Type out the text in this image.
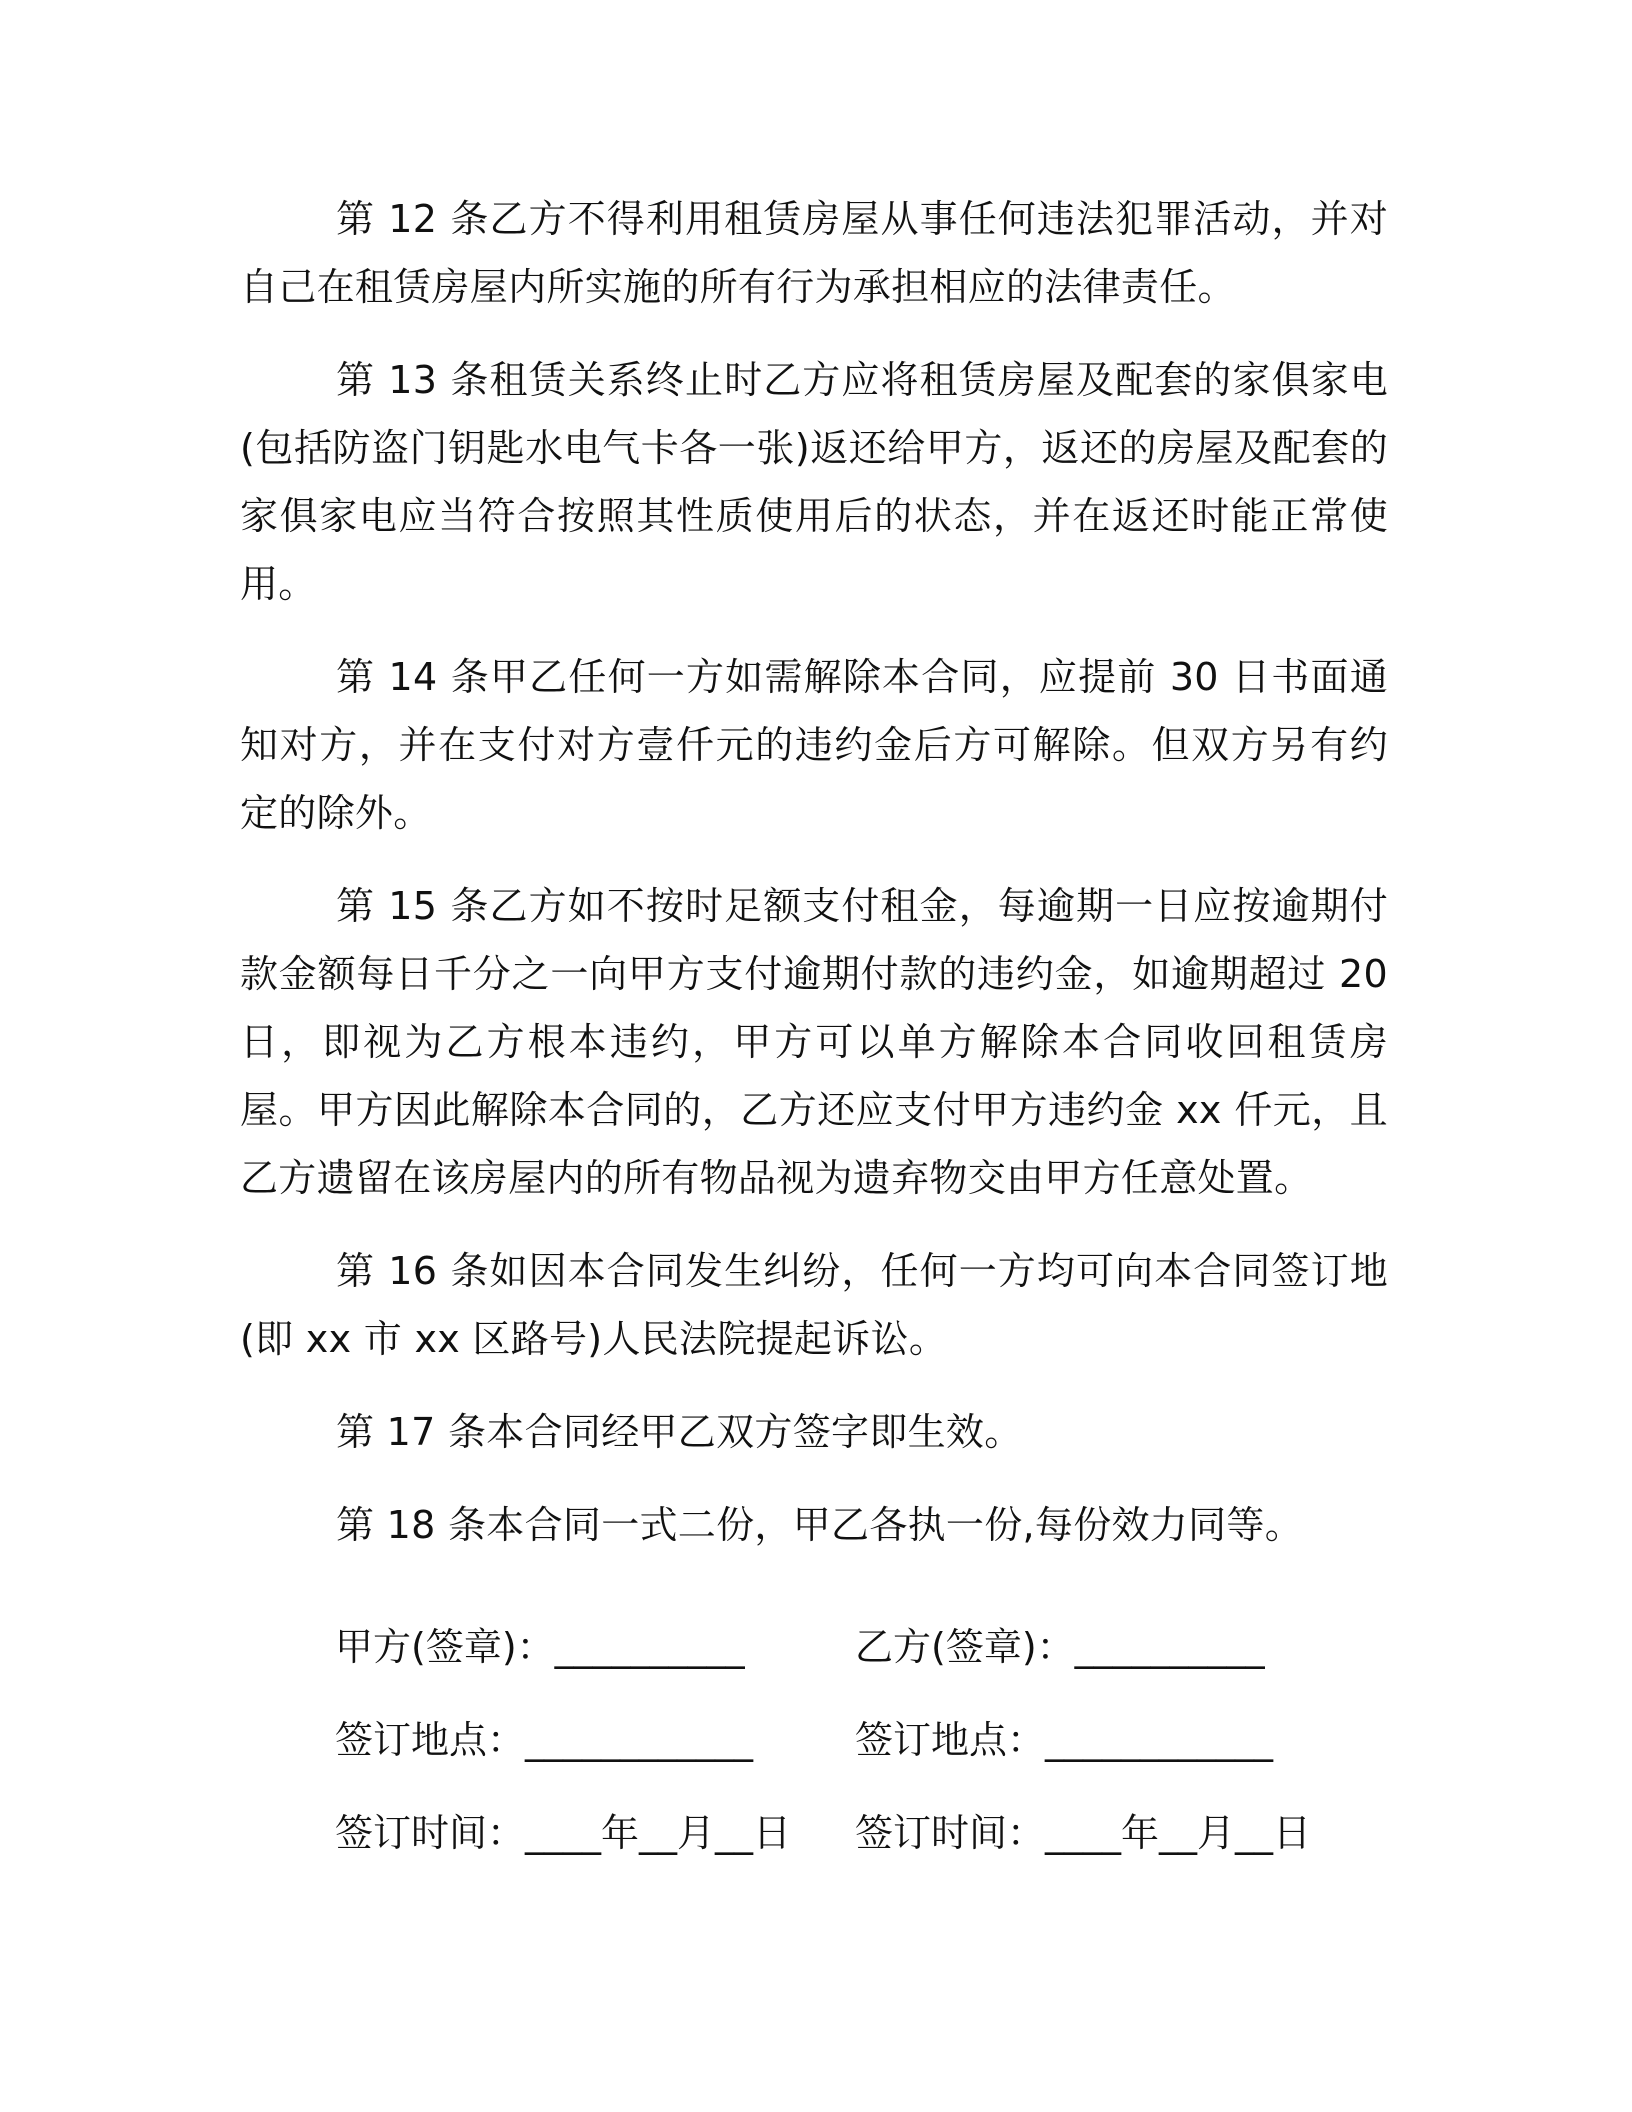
第 12 条乙方不得利用租赁房屋从事任何违法犯罪活动，并对自己在租赁房屋内所实施的所有行为承担相应的法律责任。

第 13 条租赁关系终止时乙方应将租赁房屋及配套的家俱家电(包括防盗门钥匙水电气卡各一张)返还给甲方，返还的房屋及配套的家俱家电应当符合按照其性质使用后的状态，并在返还时能正常使用。

第 14 条甲乙任何一方如需解除本合同，应提前 30 日书面通知对方，并在支付对方壹仟元的违约金后方可解除。但双方另有约定的除外。

第 15 条乙方如不按时足额支付租金，每逾期一日应按逾期付款金额每日千分之一向甲方支付逾期付款的违约金，如逾期超过 20 日，即视为乙方根本违约，甲方可以单方解除本合同收回租赁房屋。甲方因此解除本合同的，乙方还应支付甲方违约金 xx 仟元，且乙方遗留在该房屋内的所有物品视为遗弃物交由甲方任意处置。

第 16 条如因本合同发生纠纷，任何一方均可向本合同签订地(即 xx 市 xx 区路号)人民法院提起诉讼。

第 17 条本合同经甲乙双方签字即生效。

第 18 条本合同一式二份，甲乙各执一份,每份效力同等。

甲方(签章)：__________	乙方(签章)：__________
签订地点：____________	签订地点：____________
签订时间：____年__月__日	签订时间：____年__月__日
